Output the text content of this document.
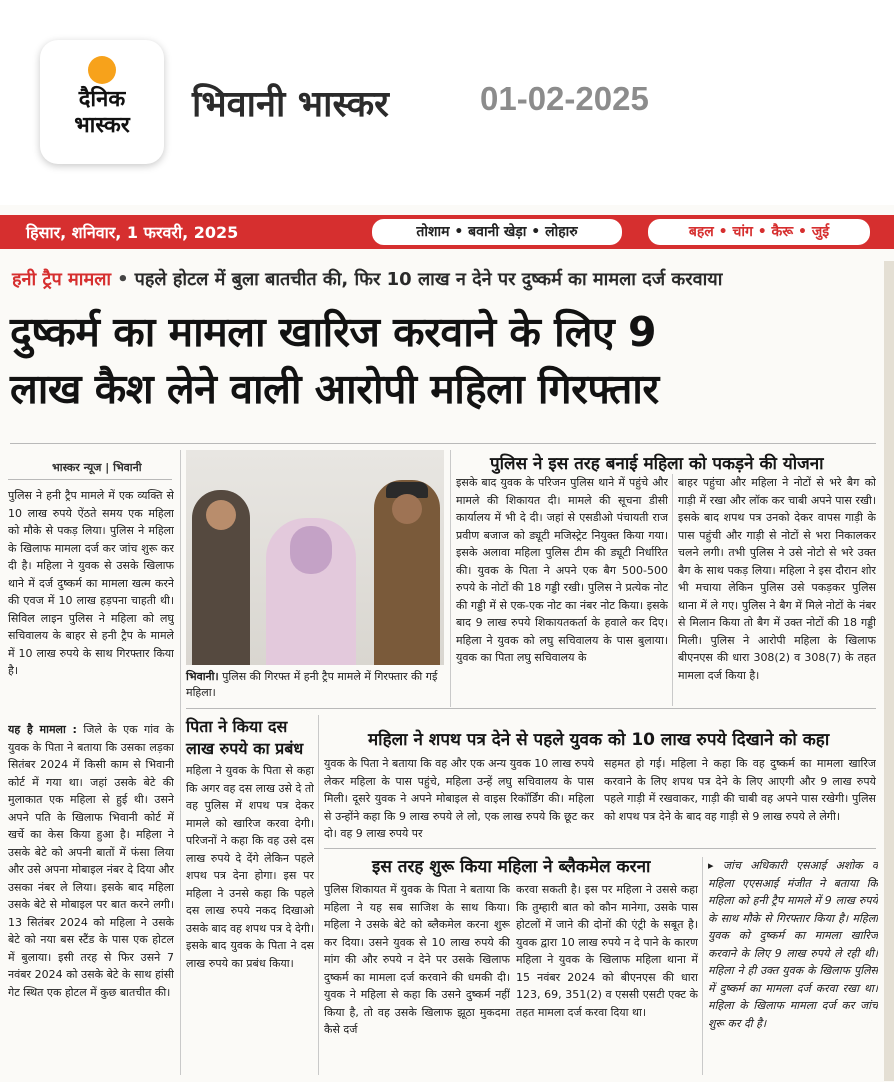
दैनिक
भास्कर
भिवानी भास्कर	01-02-2025
हिसार, शनिवार, 1 फरवरी, 2025	तोशाम • बवानी खेड़ा • लोहारु	बहल • चांग • कैरू • जुई
हनी ट्रैप मामला • पहले होटल में बुला बातचीत की, फिर 10 लाख न देने पर दुष्कर्म का मामला दर्ज करवाया
दुष्कर्म का मामला खारिज करवाने के लिए 9
लाख कैश लेने वाली आरोपी महिला गिरफ्तार
भास्कर न्यूज | भिवानी
पुलिस ने हनी ट्रैप मामले में एक व्यक्ति से 10 लाख रुपये ऐंठते समय एक महिला को मौके से पकड़ लिया। पुलिस ने महिला के खिलाफ मामला दर्ज कर जांच शुरू कर दी है। महिला ने युवक से उसके खिलाफ थाने में दर्ज दुष्कर्म का मामला खत्म करने की एवज में 10 लाख हड़पना चाहती थी। सिविल लाइन पुलिस ने महिला को लघु सचिवालय के बाहर से हनी ट्रैप के मामले में 10 लाख रुपये के साथ गिरफ्तार किया है।
यह है मामला : जिले के एक गांव के युवक के पिता ने बताया कि उसका लड़का सितंबर 2024 में किसी काम से भिवानी कोर्ट में गया था। जहां उसके बेटे की मुलाकात एक महिला से हुई थी। उसने अपने पति के खिलाफ भिवानी कोर्ट में खर्चे का केस किया हुआ है। महिला ने उसके बेटे को अपनी बातों में फंसा लिया और उसे अपना मोबाइल नंबर दे दिया और उसका नंबर ले लिया। इसके बाद महिला उसके बेटे से मोबाइल पर बात करने लगी। 13 सितंबर 2024 को महिला ने उसके बेटे को नया बस स्टैंड के पास एक होटल में बुलाया। इसी तरह से फिर उसने 7 नवंबर 2024 को उसके बेटे के साथ हांसी गेट स्थित एक होटल में कुछ बातचीत की।
भिवानी। पुलिस की गिरफ्त में हनी ट्रैप मामले में गिरफ्तार की गई महिला।
पुलिस ने इस तरह बनाई महिला को पकड़ने की योजना
इसके बाद युवक के परिजन पुलिस थाने में पहुंचे और मामले की शिकायत दी। मामले की सूचना डीसी कार्यालय में भी दे दी। जहां से एसडीओ पंचायती राज प्रवीण बजाज को ड्यूटी मजिस्ट्रेट नियुक्त किया गया। इसके अलावा महिला पुलिस टीम की ड्यूटी निर्धारित की। युवक के पिता ने अपने एक बैग 500-500 रुपये के नोटों की 18 गड्डी रखी। पुलिस ने प्रत्येक नोट की गड्डी में से एक-एक नोट का नंबर नोट किया। इसके बाद 9 लाख रुपये शिकायतकर्ता के हवाले कर दिए। महिला ने युवक को लघु सचिवालय के पास बुलाया। युवक का पिता लघु सचिवालय के
बाहर पहुंचा और महिला ने नोटों से भरे बैग को गाड़ी में रखा और लॉक कर चाबी अपने पास रखी। इसके बाद शपथ पत्र उनको देकर वापस गाड़ी के पास पहुंची और गाड़ी से नोटों से भरा निकालकर चलने लगी। तभी पुलिस ने उसे नोटो से भरे उक्त बैग के साथ पकड़ लिया। महिला ने इस दौरान शोर भी मचाया लेकिन पुलिस उसे पकड़कर पुलिस थाना में ले गए। पुलिस ने बैग में मिले नोटों के नंबर से मिलान किया तो बैग में उक्त नोटों की 18 गड्डी मिली। पुलिस ने आरोपी महिला के खिलाफ बीएनएस की धारा 308(2) व 308(7) के तहत मामला दर्ज किया है।
पिता ने किया दस
लाख रुपये का प्रबंध
महिला ने युवक के पिता से कहा कि अगर वह दस लाख उसे दे तो वह पुलिस में शपथ पत्र देकर मामले को खारिज करवा देगी। परिजनों ने कहा कि वह उसे दस लाख रुपये दे देंगे लेकिन पहले शपथ पत्र देना होगा। इस पर महिला ने उनसे कहा कि पहले दस लाख रुपये नकद दिखाओ उसके बाद वह शपथ पत्र दे देगी। इसके बाद युवक के पिता ने दस लाख रुपये का प्रबंध किया।
महिला ने शपथ पत्र देने से पहले युवक को 10 लाख रुपये दिखाने को कहा
युवक के पिता ने बताया कि वह और एक अन्य युवक 10 लाख रुपये लेकर महिला के पास पहुंचे, महिला उन्हें लघु सचिवालय के पास मिली। दूसरे युवक ने अपने मोबाइल से वाइस रिकॉर्डिंग की। महिला से उन्होंने कहा कि 9 लाख रुपये ले लो, एक लाख रुपये कि छूट कर दो। वह 9 लाख रुपये पर
सहमत हो गई। महिला ने कहा कि वह दुष्कर्म का मामला खारिज करवाने के लिए शपथ पत्र देने के लिए आएगी और 9 लाख रुपये पहले गाड़ी में रखवाकर, गाड़ी की चाबी वह अपने पास रखेगी। पुलिस को शपथ पत्र देने के बाद वह गाड़ी से 9 लाख रुपये ले लेगी।
इस तरह शुरू किया महिला ने ब्लैकमेल करना
पुलिस शिकायत में युवक के पिता ने बताया कि महिला ने यह सब साजिश के साथ किया। महिला ने उसके बेटे को ब्लैकमेल करना शुरू कर दिया। उसने युवक से 10 लाख रुपये की मांग की और रुपये न देने पर उसके खिलाफ दुष्कर्म का मामला दर्ज करवाने की धमकी दी। युवक ने महिला से कहा कि उसने दुष्कर्म नहीं किया है, तो वह उसके खिलाफ झूठा मुकदमा कैसे दर्ज
करवा सकती है। इस पर महिला ने उससे कहा कि तुम्हारी बात को कौन मानेगा, उसके पास होटलों में जाने की दोनों की एंट्री के सबूत है। युवक द्वारा 10 लाख रुपये न दे पाने के कारण महिला ने युवक के खिलाफ महिला थाना में 15 नवंबर 2024 को बीएनएस की धारा 123, 69, 351(2) व एससी एसटी एक्ट के तहत मामला दर्ज करवा दिया था।
▸ जांच अधिकारी एसआई अशोक व महिला एएसआई मंजीत ने बताया कि महिला को हनी ट्रैप मामले में 9 लाख रुपये के साथ मौके से गिरफ्तार किया है। महिला युवक को दुष्कर्म का मामला खारिज करवाने के लिए 9 लाख रुपये ले रही थी। महिला ने ही उक्त युवक के खिलाफ पुलिस में दुष्कर्म का मामला दर्ज करवा रखा था। महिला के खिलाफ मामला दर्ज कर जांच शुरू कर दी है।
